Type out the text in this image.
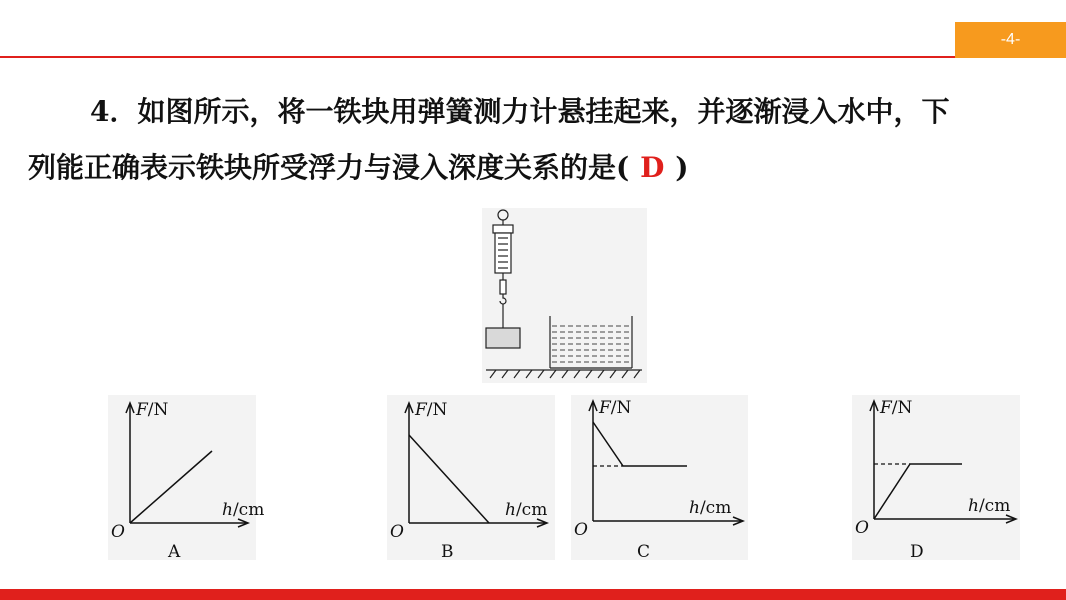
-4-
4．如图所示，将一铁块用弹簧测力计悬挂起来，并逐渐浸入水中，下
列能正确表示铁块所受浮力与浸入深度关系的是( D )
F/N
h/cm
O
A
F/N
h/cm
O
B
F/N
h/cm
O
C
F/N
h/cm
O
D
